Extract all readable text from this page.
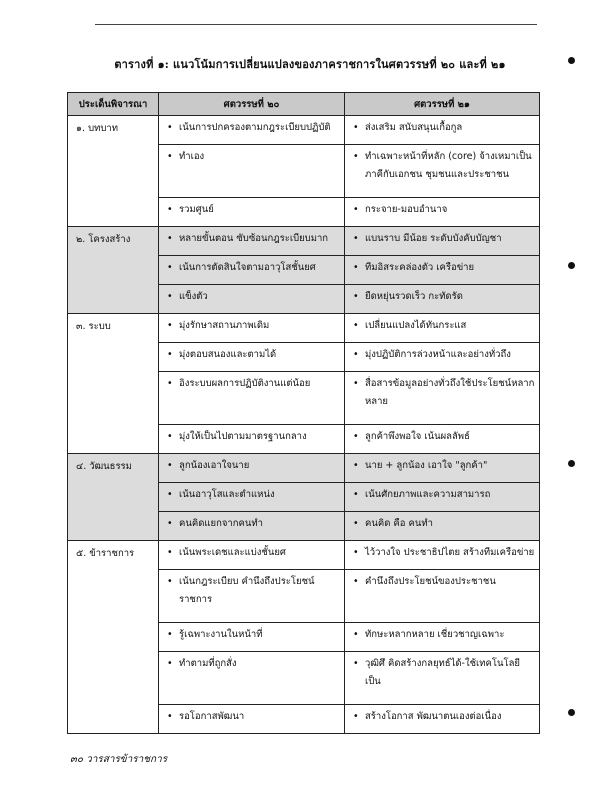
ตารางที่ ๑: แนวโน้มการเปลี่ยนแปลงของภาคราชการในศตวรรษที่ ๒๐ และที่ ๒๑
ประเด็นพิจารณา	ศตวรรษที่ ๒๐	ศตวรรษที่ ๒๑
๑. บทบาท	• เน้นการปกครองตามกฎระเบียบปฏิบัติ	• ส่งเสริม สนับสนุนเกื้อกูล

	• ทำเอง	• ทำเฉพาะหน้าที่หลัก (core) จ้างเหมาเป็นภาคีกับเอกชน ชุมชนและประชาชน

	• รวมศูนย์	• กระจาย-มอบอำนาจ

๒. โครงสร้าง	• หลายขั้นตอน ซับซ้อนกฎระเบียบมาก	• แบนราบ มีน้อย ระดับบังคับบัญชา

	• เน้นการตัดสินใจตามอาวุโสชั้นยศ	• ทีมอิสระคล่องตัว เครือข่าย

	• แข็งตัว	• ยืดหยุ่นรวดเร็ว กะทัดรัด

๓. ระบบ	• มุ่งรักษาสถานภาพเดิม	• เปลี่ยนแปลงได้ทันกระแส

	• มุ่งตอบสนองและตามได้	• มุ่งปฏิบัติการล่วงหน้าและอย่างทั่วถึง

	• อิงระบบผลการปฏิบัติงานแต่น้อย	• สื่อสารข้อมูลอย่างทั่วถึงใช้ประโยชน์หลากหลาย

	• มุ่งให้เป็นไปตามมาตรฐานกลาง	• ลูกค้าพึงพอใจ เน้นผลลัพธ์

๔. วัฒนธรรม	• ลูกน้องเอาใจนาย	• นาย + ลูกน้อง เอาใจ "ลูกค้า"

	• เน้นอาวุโสและตำแหน่ง	• เน้นศักยภาพและความสามารถ

	• คนคิดแยกจากคนทำ	• คนคิด คือ คนทำ

๕. ข้าราชการ	• เน้นพระเดชและแบ่งชั้นยศ	• ไว้วางใจ ประชาธิปไตย สร้างทีมเครือข่าย

	• เน้นกฎระเบียบ คำนึงถึงประโยชน์ราชการ	• คำนึงถึงประโยชน์ของประชาชน

	• รู้เฉพาะงานในหน้าที่	• ทักษะหลากหลาย เชี่ยวชาญเฉพาะ

	• ทำตามที่ถูกสั่ง	• วุฒิศึ คิดสร้างกลยุทธ์ได้-ใช้เทคโนโลยีเป็น

	• รอโอกาสพัฒนา	• สร้างโอกาส พัฒนาตนเองต่อเนื่อง
๓๐ วารสารข้าราชการ
